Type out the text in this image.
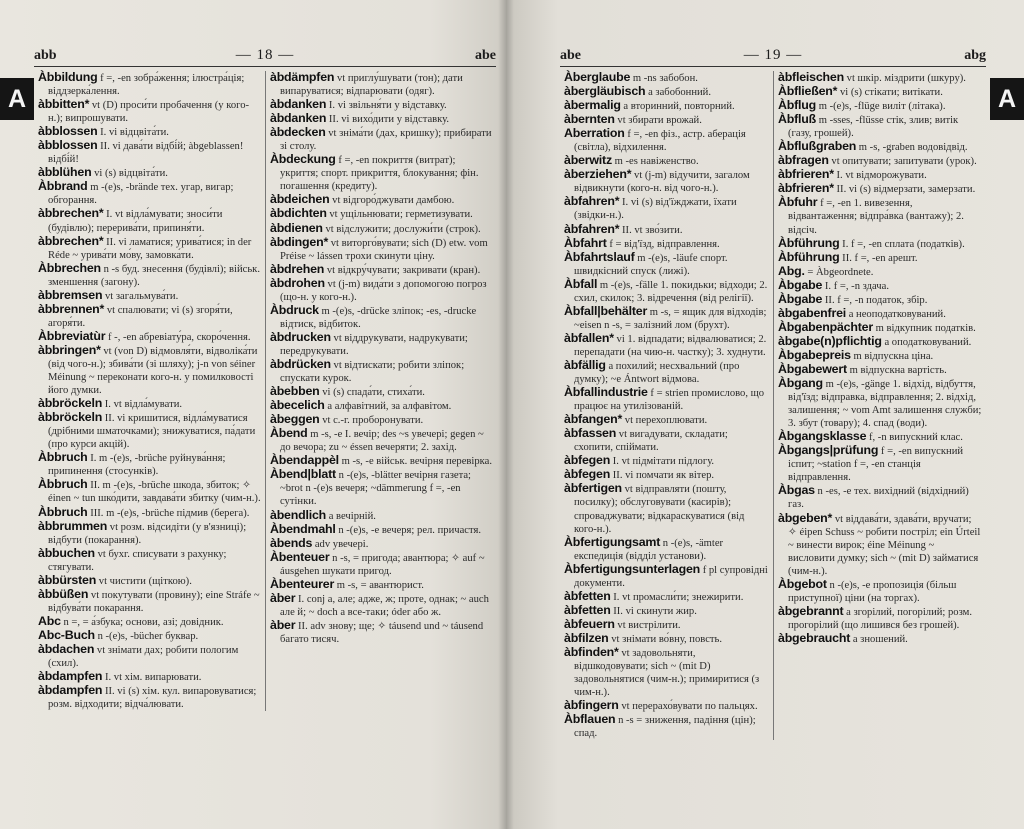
abb	— 18 —	abe

Àbbildung f =, -en зобра́ження; ілюстра́ція; віддзерка́лення.

àbbitten* vt (D) проси́ти пробачення (у кого-н.); випрошувати.

àbblossen I. vi відцвіта́ти.

àbblossen II. vi дава́ти відбі́й; àbgeblassen! відбі́й!

àbblühen vi (s) відцвіта́ти.

Àbbrand m -(e)s, -brände тех. угар, вигар; обгорання.

àbbrechen* I. vt відла́мувати; зноси́ти (будівлю); перерива́ти, припиня́ти.

àbbrechen* II. vi ламатися; урива́тися; in der Réde ~ урива́ти мо́ву, замовка́ти.

Àbbrechen n -s буд. знесення (будівлі); військ. зменшення (загону).

àbbremsen vt загальмува́ти.

àbbrennen* vt спалювати; vi (s) згоря́ти, агоря́ти.

Àbbreviatùr f -, -en абревіату́ра, скоро́чення.

àbbringen* vt (von D) відмовля́ти, відволіка́ти (від чого-н.); збива́ти (зі шляху); j-n von séiner Méinung ~ переконати кого-н. у помилковості його думки.

àbbröckeln I. vt відла́мувати.

àbbröckeln II. vi кришитися, відла́муватися (дрібними шматочками); знижуватися, па́дати (про курси акцій).

Àbbruch I. m -(e)s, -brüche руйнува́ння; припинення (стосунків).

Àbbruch II. m -(e)s, -brüche шкода, збиток; ✧ éinen ~ tun шко́дити, завдава́ти збитку (чим-н.).

Àbbruch III. m -(e)s, -brüche підмив (берега).

àbbrummen vt розм. відсидіти (у в'язниці); відбути (покарання).

àbbuchen vt бухг. списувати з рахунку; стягувати.

àbbürsten vt чистити (щіткою).

àbbüßen vt покутувати (провину); eine Stráfe ~ відбува́ти покарання.

Abc n =, = а́збука; основи, азі; довідник.

Abc-Buch n -(e)s, -bücher буквар.

àbdachen vt знімати дах; робити пологим (схил).

àbdampfen I. vt хім. випарювати.

àbdampfen II. vi (s) хім. кул. випаровуватися; розм. відходити; відча́лювати.

àbdämpfen vt приглу́шувати (тон); дати випаруватися; відпарювати (одяг).

àbdanken I. vi звільня́ти у відставку.

àbdanken II. vi вихо́дити у відставку.

àbdecken vt зніма́ти (дах, кришку); прибирати зі столу.

Àbdeckung f =, -en покриття (витрат); укриття; спорт. прикриття, блокування; фін. погашення (кредиту).

àbdeichen vt відгоро́джувати дамбою.

àbdichten vt ущільнювати; герметизувати.

àbdienen vt відслужити; дослужи́ти (строк).

àbdingen* vt виторго́вувати; sich (D) etw. vom Préise ~ lássen трохи скинути ціну.

àbdrehen vt відкру́чувати; закривати (кран).

àbdrohen vt (j-m) вида́ти з допомогою погроз (що-н. у кого-н.).

Àbdruck m -(e)s, -drücke зліпок; -es, -drucke відтиск, відбиток.

àbdrucken vt віддрукувати, надрукувати; передрукувати.

àbdrücken vt відтискати; робити зліпок; спускати курок.

àbebben vi (s) спада́ти, стиха́ти.

àbecelich a алфавітний, за алфавітом.

àbeggen vt c.-г. проборонувати.

Àbend m -s, -e I. вечір; des ~s увечері; gegen ~ до вечора; zu ~ éssen вечеряти; 2. захід.

Àbendappèl m -s, -e військ. вечірня перевірка.

Àbend|blatt n -(e)s, -blätter вечірня газета; ~brot n -(e)s вечеря; ~dämmerung f =, -en сутінки.

àbendlich a вечірній.

Àbendmahl n -(e)s, -e вечеря; рел. причастя.

àbends adv увечері.

Àbenteuer n -s, = пригода; авантюра; ✧ auf ~ áusgehen шукати пригод.

Àbenteurer m -s, = авантюрист.

àber I. conj а, але; адже, ж; проте, однак; ~ auch але й; ~ doch а все-таки; óder або ж.

àber II. adv знову; ще; ✧ táusend und ~ táusend багато тисяч.

A
abe	— 19 —	abg

Àberglaube m -ns забобон.

àbergläubisch a забобонний.

àbermalig a вторинний, повторний.

àbernten vt збирати врожай.

Aberration f =, -en фіз., астр. аберація (світла), відхилення.

àberwitz m -es навіженство.

àberziehen* vt (j-m) відучити, загалом відвикнути (кого-н. від чого-н.).

àbfahren* I. vi (s) від'їжджати, їхати (звідки-н.).

àbfahren* II. vt зво́зити.

Àbfahrt f = від'їзд, відправлення.

Àbfahrtslauf m -(e)s, -läufe спорт. швидкісний спуск (лижі).

Àbfall m -(e)s, -fälle 1. покидьки; відходи; 2. схил, скилок; 3. відречення (від релігії).

Àbfall|behälter m -s, = ящик для відходів; ~eisen n -s, = залізний лом (брухт).

àbfallen* vi 1. відпадати; відвалюватися; 2. перепадати (на чию-н. частку); 3. худнути.

àbfällig a похилий; несхвальний (про думку); ~e Ántwort відмова.

Àbfallindustrie f = strien промислово, що працює на утилізованій.

àbfangen* vt перехоплювати.

àbfassen vt вигадувати, складати; схопити, спіймати.

àbfegen I. vt підмітати підлогу.

àbfegen II. vi помчати як вітер.

àbfertigen vt відправляти (пошту, посилку); обслуговувати (касирів); спроваджувати; відкараскуватися (від кого-н.).

Àbfertigungsamt n -(e)s, -ämter експедиція (відділ установи).

Àbfertigungsunterlagen f pl супровідні документи.

àbfetten I. vt промасли́ти; знежирити.

àbfetten II. vi скинути жир.

àbfeuern vt вистрілити.

àbfilzen vt знімати во́вну, повсть.

àbfinden* vt задовольняти, відшкодовувати; sich ~ (mit D) задовольнятися (чим-н.); примиритися (з чим-н.).

àbfingern vt перерахо́вувати по пальцях.

Àbflauen n -s = зниження, падіння (цін); спад.

àbfleischen vt шкір. міздрити (шкуру).

Àbfließen* vi (s) стікати; витікати.

Àbflug m -(e)s, -flüge виліт (літака).

Àbfluß m -sses, -flüsse стік, злив; витік (газу, грошей).

Àbflußgraben m -s, -graben водовідвід.

àbfragen vt опитувати; запитувати (урок).

àbfrieren* I. vt відморожувати.

àbfrieren* II. vi (s) відмерзати, замерзати.

Àbfuhr f =, -en 1. вивезення, відвантаження; відпра́вка (вантажу); 2. відсіч.

Àbführung I. f =, -en сплата (податків).

Àbführung II. f =, -en арешт.

Abg. = Àbgeordnete.

Àbgabe I. f =, -n здача.

Àbgabe II. f =, -n податок, збір.

àbgabenfrei a неоподатковуваний.

Àbgabenpächter m відкупник податків.

àbgabe(n)pflichtig a оподатковуваний.

Àbgabepreis m відпускна ціна.

Àbgabewert m відпускна вартість.

Àbgang m -(e)s, -gänge 1. відхід, відбуття, від'їзд; відправка, відправлення; 2. відхід, залишення; ~ vom Amt залишення служби; 3. збут (товару); 4. спад (води).

Àbgangsklasse f, -n випускний клас.

Àbgangs|prüfung f =, -en випускний іспит; ~station f =, -en станція відправлення.

Àbgas n -es, -e тех. вихідний (відхідний) газ.

àbgeben* vt віддава́ти, здава́ти, вручати; ✧ éipen Schuss ~ робити постріл; ein Úrteil ~ винести вирок; éine Méinung ~ висловити думку; sich ~ (mit D) займатися (чим-н.).

Àbgebot n -(e)s, -e пропозиція (більш приступної) ціни (на торгах).

àbgebrannt a згорілий, погорілий; розм. прогорілий (що лишився без грошей).

àbgebraucht a зношений.

A
